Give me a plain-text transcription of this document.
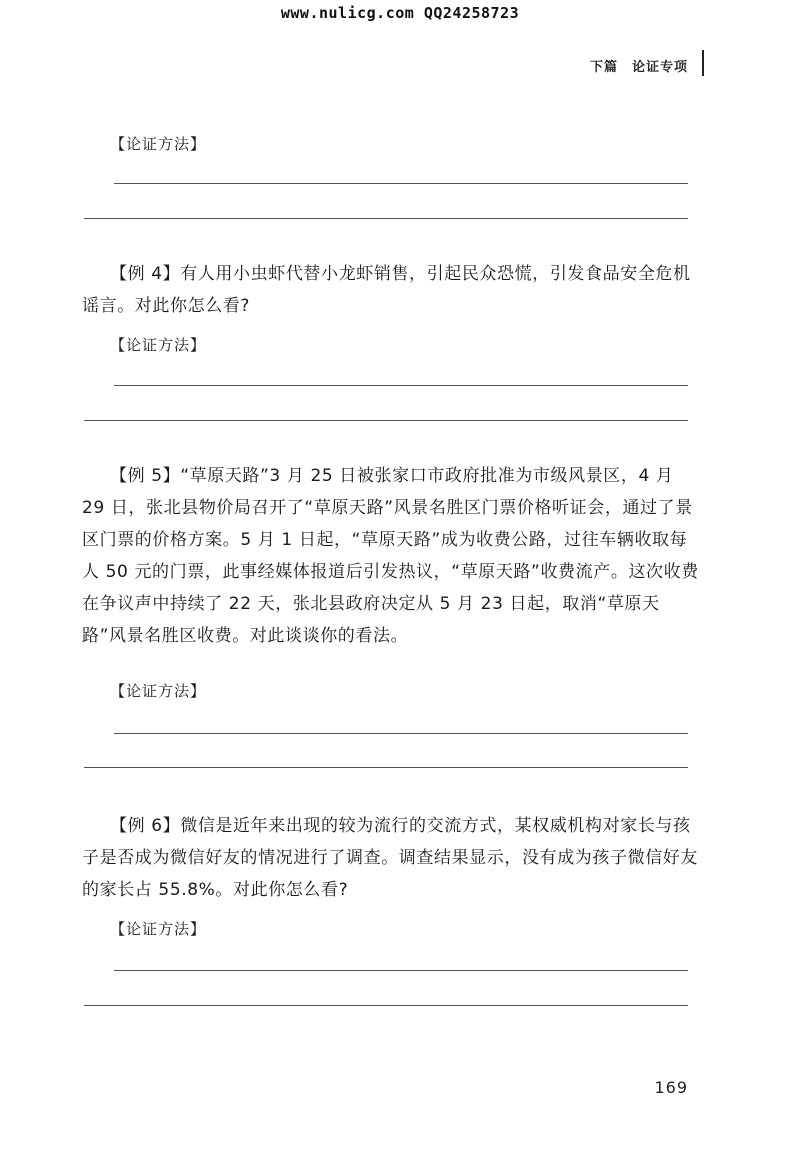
www.nulicg.com QQ24258723
下篇 论证专项
【论证方法】

【例 4】有人用小虫虾代替小龙虾销售，引起民众恐慌，引发食品安全危机谣言。对此你怎么看?

【论证方法】

【例 5】“草原天路”3 月 25 日被张家口市政府批准为市级风景区，4 月 29 日，张北县物价局召开了“草原天路”风景名胜区门票价格听证会，通过了景区门票的价格方案。5 月 1 日起，“草原天路”成为收费公路，过往车辆收取每人 50 元的门票，此事经媒体报道后引发热议，“草原天路”收费流产。这次收费在争议声中持续了 22 天，张北县政府决定从 5 月 23 日起，取消“草原天路”风景名胜区收费。对此谈谈你的看法。

【论证方法】

【例 6】微信是近年来出现的较为流行的交流方式，某权威机构对家长与孩子是否成为微信好友的情况进行了调查。调查结果显示，没有成为孩子微信好友的家长占 55.8%。对此你怎么看?

【论证方法】
169
